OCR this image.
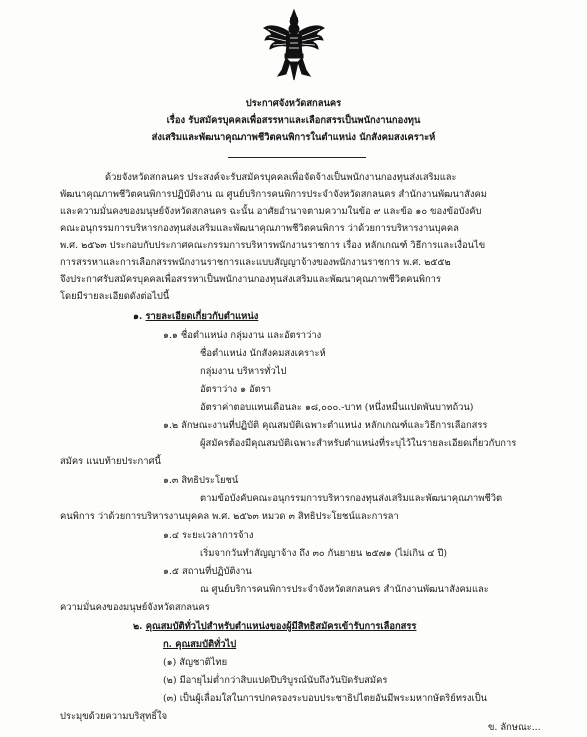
ประกาศจังหวัดสกลนคร
เรื่อง รับสมัครบุคคลเพื่อสรรหาและเลือกสรรเป็นพนักงานกองทุน
ส่งเสริมและพัฒนาคุณภาพชีวิตคนพิการในตำแหน่ง นักสังคมสงเคราะห์
ด้วยจังหวัดสกลนคร ประสงค์จะรับสมัครบุคคลเพื่อจัดจ้างเป็นพนักงานกองทุนส่งเสริมและ
พัฒนาคุณภาพชีวิตคนพิการปฏิบัติงาน ณ ศูนย์บริการคนพิการประจำจังหวัดสกลนคร สำนักงานพัฒนาสังคม
และความมั่นคงของมนุษย์จังหวัดสกลนคร ฉะนั้น อาศัยอำนาจตามความในข้อ ๙ และข้อ ๑๐ ของข้อบังคับ
คณะอนุกรรมการบริหารกองทุนส่งเสริมและพัฒนาคุณภาพชีวิตคนพิการ ว่าด้วยการบริหารงานบุคคล
พ.ศ. ๒๕๖๓ ประกอบกับประกาศคณะกรรมการบริหารพนักงานราชการ เรื่อง หลักเกณฑ์ วิธีการและเงื่อนไข
การสรรหาและการเลือกสรรพนักงานราชการและแบบสัญญาจ้างของพนักงานราชการ พ.ศ. ๒๕๕๒
จึงประกาศรับสมัครบุคคลเพื่อสรรหาเป็นพนักงานกองทุนส่งเสริมและพัฒนาคุณภาพชีวิตคนพิการ
โดยมีรายละเอียดดังต่อไปนี้
๑. รายละเอียดเกี่ยวกับตำแหน่ง
๑.๑ ชื่อตำแหน่ง กลุ่มงาน และอัตราว่าง
ชื่อตำแหน่ง นักสังคมสงเคราะห์
กลุ่มงาน บริหารทั่วไป
อัตราว่าง ๑ อัตรา
อัตราค่าตอบแทนเดือนละ ๑๘,๐๐๐.-บาท (หนึ่งหมื่นแปดพันบาทถ้วน)
๑.๒ ลักษณะงานที่ปฏิบัติ คุณสมบัติเฉพาะตำแหน่ง หลักเกณฑ์และวิธีการเลือกสรร
ผู้สมัครต้องมีคุณสมบัติเฉพาะสำหรับตำแหน่งที่ระบุไว้ในรายละเอียดเกี่ยวกับการ
สมัคร แนบท้ายประกาศนี้
๑.๓ สิทธิประโยชน์
ตามข้อบังคับคณะอนุกรรมการบริหารกองทุนส่งเสริมและพัฒนาคุณภาพชีวิต
คนพิการ ว่าด้วยการบริหารงานบุคคล พ.ศ. ๒๕๖๓ หมวด ๓ สิทธิประโยชน์และการลา
๑.๔ ระยะเวลาการจ้าง
เริ่มจากวันทำสัญญาจ้าง ถึง ๓๐ กันยายน ๒๕๗๑ (ไม่เกิน ๔ ปี)
๑.๕ สถานที่ปฏิบัติงาน
ณ ศูนย์บริการคนพิการประจำจังหวัดสกลนคร สำนักงานพัฒนาสังคมและ
ความมั่นคงของมนุษย์จังหวัดสกลนคร
๒. คุณสมบัติทั่วไปสำหรับตำแหน่งของผู้มีสิทธิสมัครเข้ารับการเลือกสรร
ก. คุณสมบัติทั่วไป
(๑) สัญชาติไทย
(๒) มีอายุไม่ต่ำกว่าสิบแปดปีบริบูรณ์นับถึงวันปิดรับสมัคร
(๓) เป็นผู้เลื่อมใสในการปกครองระบอบประชาธิปไตยอันมีพระมหากษัตริย์ทรงเป็น
ประมุขด้วยความบริสุทธิ์ใจ
ข. ลักษณะ...
